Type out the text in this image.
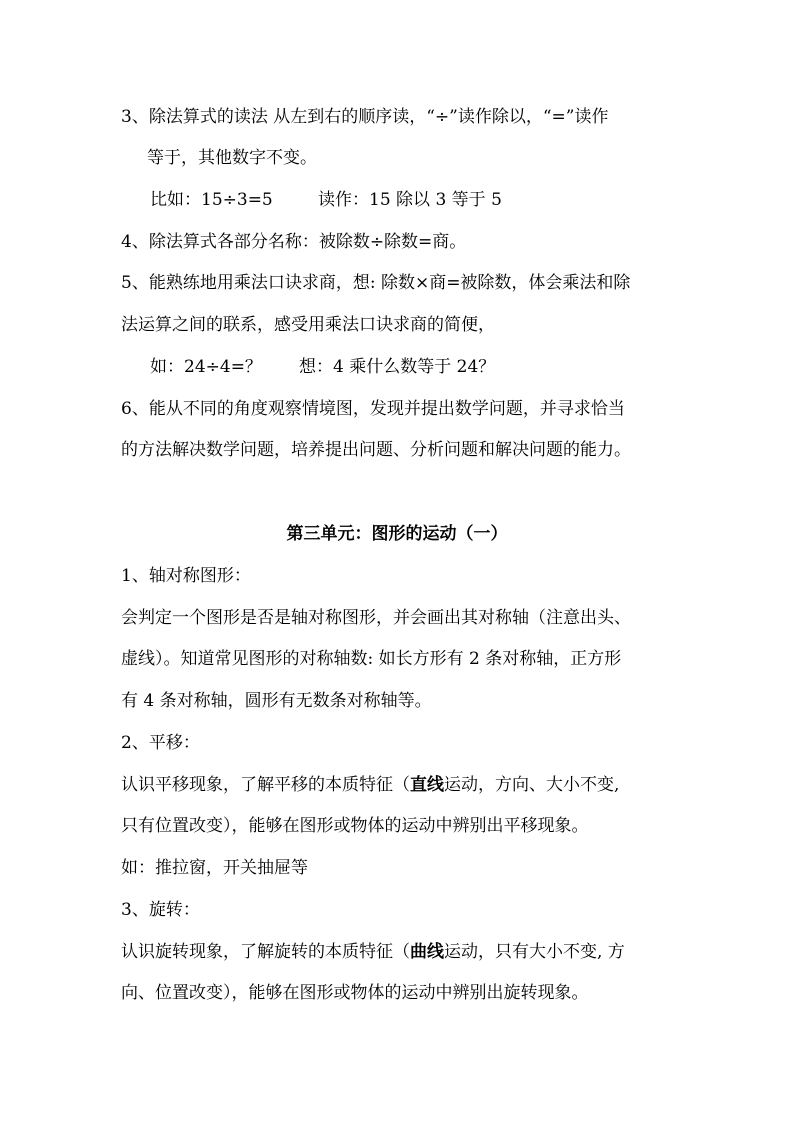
3、除法算式的读法 从左到右的顺序读，“÷”读作除以，“=”读作
等于，其他数字不变。
比如：15÷3=5	读作：15 除以 3 等于 5
4、除法算式各部分名称：被除数÷除数=商。
5、能熟练地用乘法口诀求商，想: 除数×商=被除数，体会乘法和除
法运算之间的联系，感受用乘法口诀求商的简便，
如：24÷4=？ 想：4 乘什么数等于 24？
6、能从不同的角度观察情境图，发现并提出数学问题，并寻求恰当
的方法解决数学问题，培养提出问题、分析问题和解决问题的能力。
第三单元：图形的运动（一）
1、轴对称图形：
会判定一个图形是否是轴对称图形，并会画出其对称轴（注意出头、
虚线）。知道常见图形的对称轴数: 如长方形有 2 条对称轴，正方形
有 4 条对称轴，圆形有无数条对称轴等。
2、平移：
认识平移现象，了解平移的本质特征（直线运动，方向、大小不变,
只有位置改变），能够在图形或物体的运动中辨别出平移现象。
如：推拉窗，开关抽屉等
3、旋转：
认识旋转现象，了解旋转的本质特征（曲线运动，只有大小不变, 方
向、位置改变），能够在图形或物体的运动中辨别出旋转现象。
